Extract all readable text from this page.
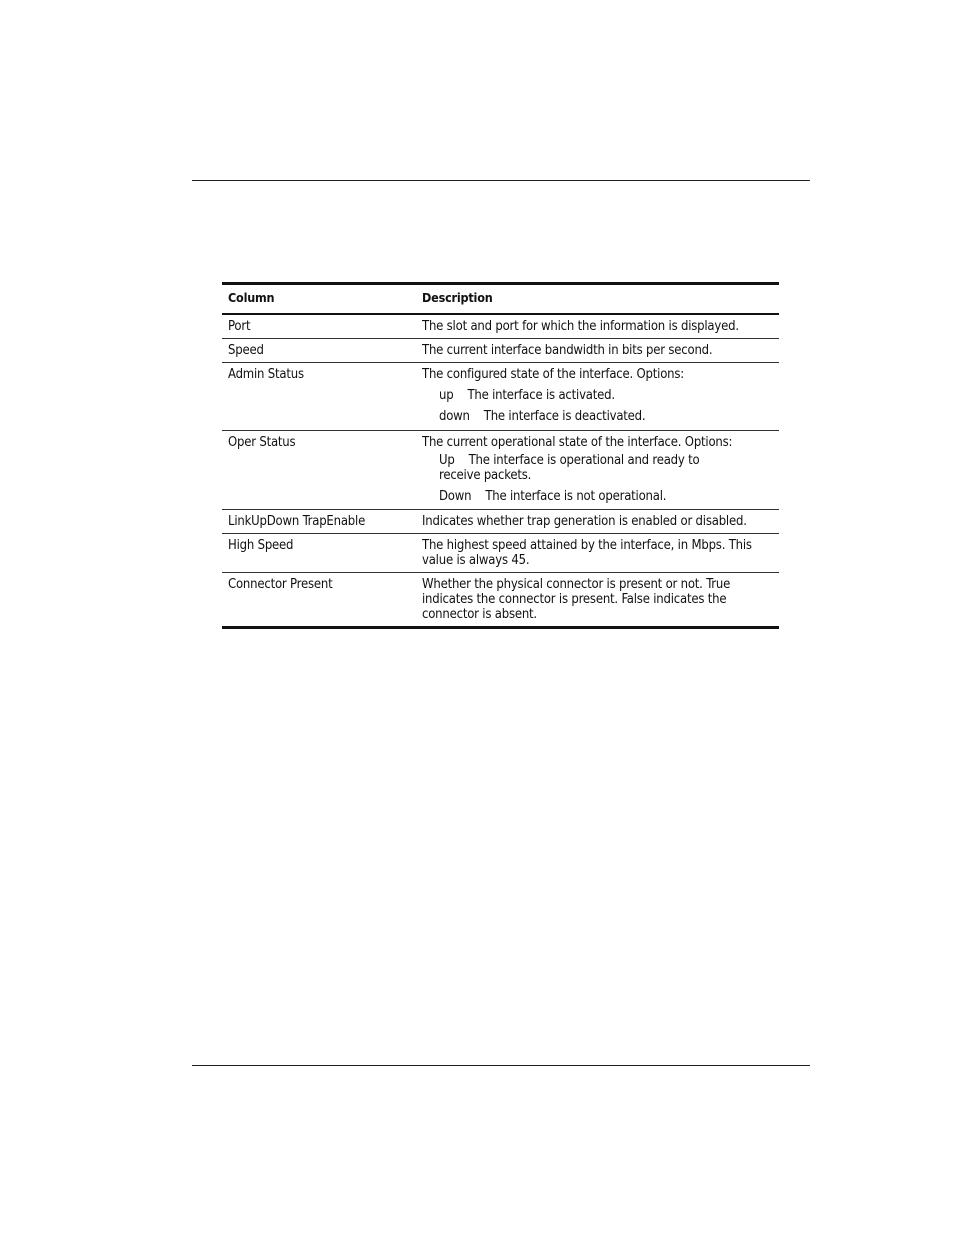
Column	Description
Port	The slot and port for which the information is displayed.
Speed	The current interface bandwidth in bits per second.
Admin Status	The configured state of the interface. Options:
up The interface is activated.
down The interface is deactivated.

Oper Status	The current operational state of the interface. Options:
Up The interface is operational and ready to receive packets.
Down The interface is not operational.

LinkUpDown TrapEnable	Indicates whether trap generation is enabled or disabled.
High Speed	The highest speed attained by the interface, in Mbps. This value is always 45.
Connector Present	Whether the physical connector is present or not. True indicates the connector is present. False indicates the connector is absent.
